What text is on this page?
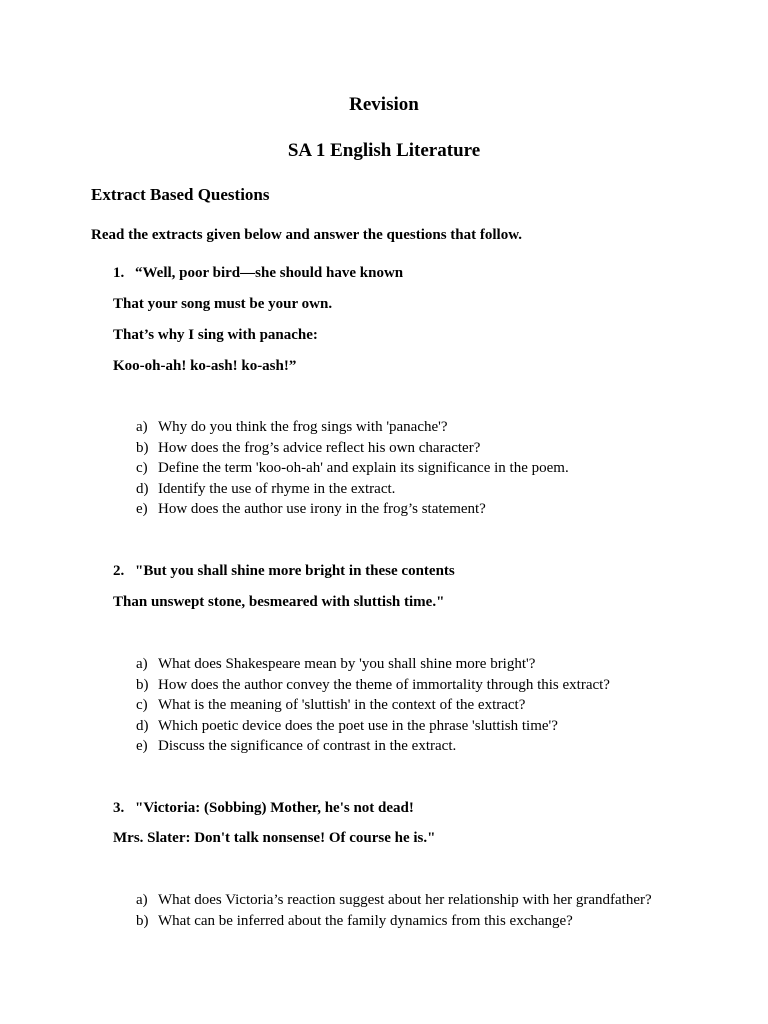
Revision
SA 1 English Literature
Extract Based Questions
Read the extracts given below and answer the questions that follow.
1. “Well, poor bird—she should have known
That your song must be your own.
That’s why I sing with panache:
Koo-oh-ah! ko-ash! ko-ash!”
a) Why do you think the frog sings with 'panache'?
b) How does the frog’s advice reflect his own character?
c) Define the term 'koo-oh-ah' and explain its significance in the poem.
d) Identify the use of rhyme in the extract.
e) How does the author use irony in the frog’s statement?
2. "But you shall shine more bright in these contents
Than unswept stone, besmeared with sluttish time."
a) What does Shakespeare mean by 'you shall shine more bright'?
b) How does the author convey the theme of immortality through this extract?
c) What is the meaning of 'sluttish' in the context of the extract?
d) Which poetic device does the poet use in the phrase 'sluttish time'?
e) Discuss the significance of contrast in the extract.
3. "Victoria: (Sobbing) Mother, he's not dead!
Mrs. Slater: Don't talk nonsense! Of course he is."
a) What does Victoria’s reaction suggest about her relationship with her grandfather?
b) What can be inferred about the family dynamics from this exchange?
